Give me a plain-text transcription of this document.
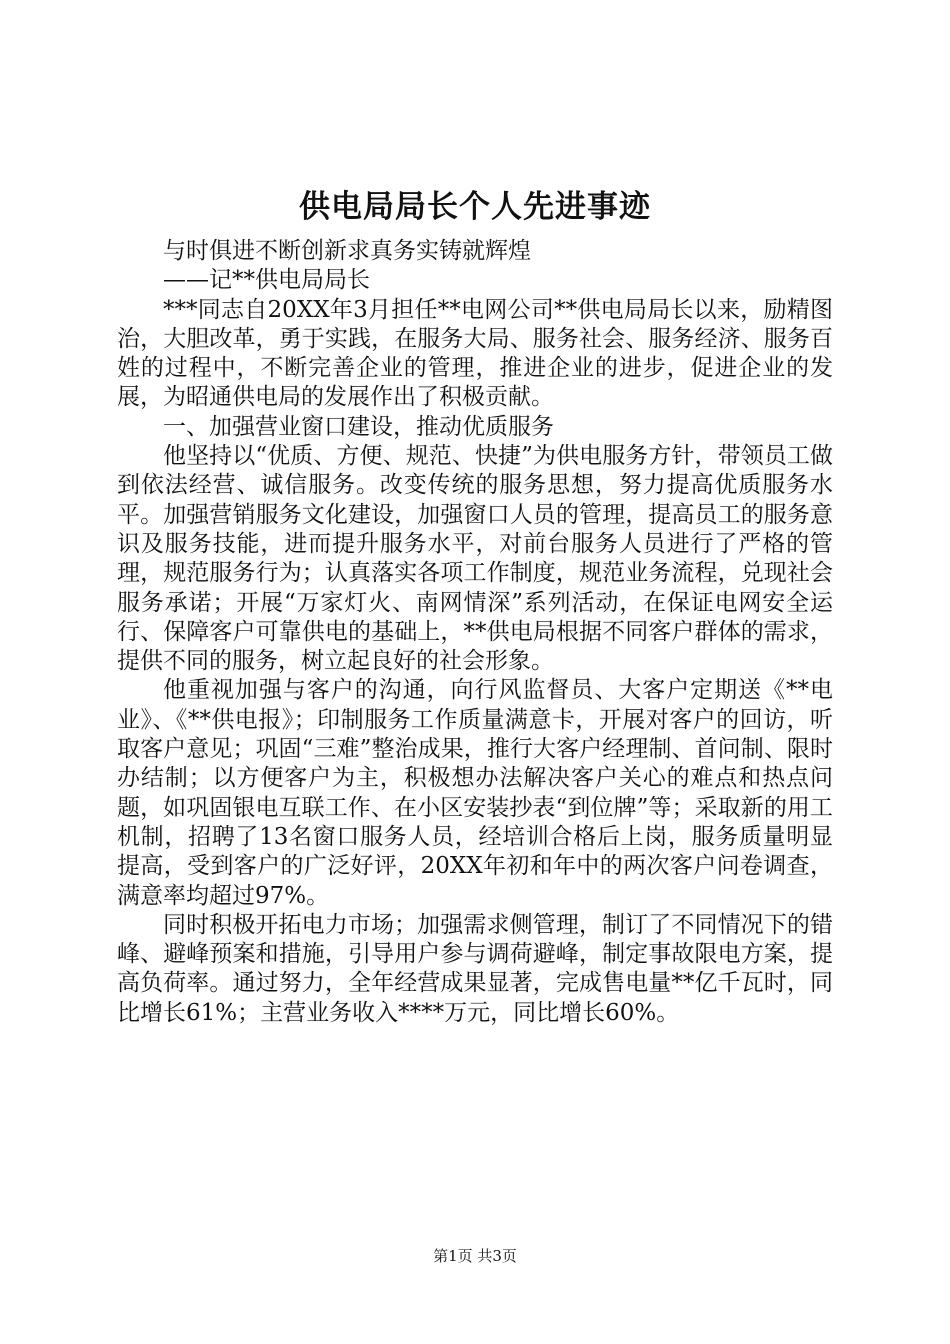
供电局局长个人先进事迹

与时俱进不断创新求真务实铸就辉煌

——记**供电局局长

***同志自20XX年3月担任**电网公司**供电局局长以来，励精图治，大胆改革，勇于实践，在服务大局、服务社会、服务经济、服务百姓的过程中，不断完善企业的管理，推进企业的进步，促进企业的发展，为昭通供电局的发展作出了积极贡献。

一、加强营业窗口建设，推动优质服务

他坚持以“优质、方便、规范、快捷”为供电服务方针，带领员工做到依法经营、诚信服务。改变传统的服务思想，努力提高优质服务水平。加强营销服务文化建设，加强窗口人员的管理，提高员工的服务意识及服务技能，进而提升服务水平，对前台服务人员进行了严格的管理，规范服务行为；认真落实各项工作制度，规范业务流程，兑现社会服务承诺；开展“万家灯火、南网情深”系列活动，在保证电网安全运行、保障客户可靠供电的基础上，**供电局根据不同客户群体的需求，提供不同的服务，树立起良好的社会形象。

他重视加强与客户的沟通，向行风监督员、大客户定期送《**电业》、《**供电报》；印制服务工作质量满意卡，开展对客户的回访，听取客户意见；巩固“三难”整治成果，推行大客户经理制、首问制、限时办结制；以方便客户为主，积极想办法解决客户关心的难点和热点问题，如巩固银电互联工作、在小区安装抄表“到位牌”等；采取新的用工机制，招聘了13名窗口服务人员，经培训合格后上岗，服务质量明显提高，受到客户的广泛好评，20XX年初和年中的两次客户问卷调查，满意率均超过97%。

同时积极开拓电力市场；加强需求侧管理，制订了不同情况下的错峰、避峰预案和措施，引导用户参与调荷避峰，制定事故限电方案，提高负荷率。通过努力，全年经营成果显著，完成售电量**亿千瓦时，同比增长61%；主营业务收入****万元，同比增长60%。

第1页 共3页
